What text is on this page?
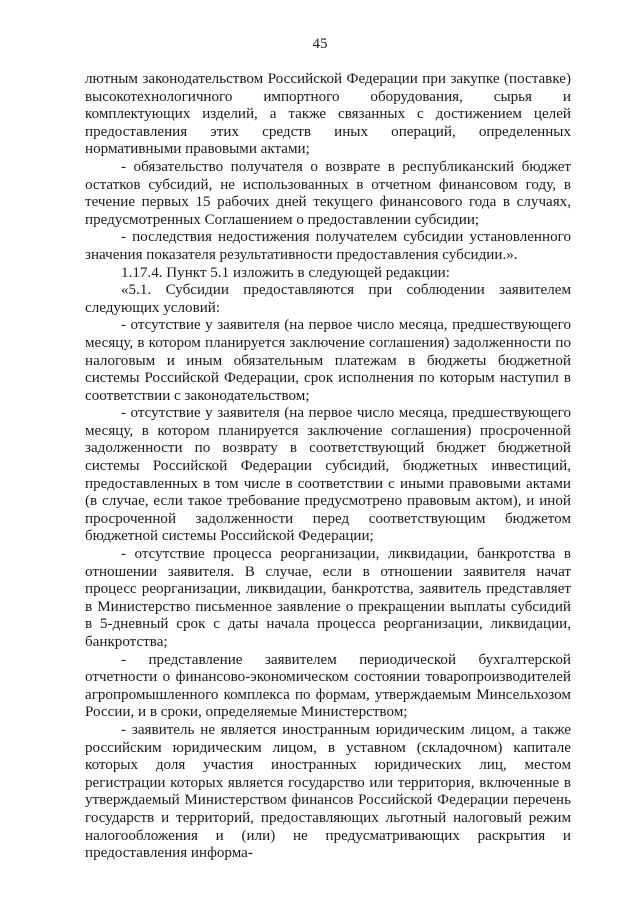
45

лютным законодательством Российской Федерации при закупке (поставке) высокотехнологичного импортного оборудования, сырья и комплектующих изделий, а также связанных с достижением целей предоставления этих средств иных операций, определенных нормативными правовыми актами;

- обязательство получателя о возврате в республиканский бюджет остатков субсидий, не использованных в отчетном финансовом году, в течение первых 15 рабочих дней текущего финансового года в случаях, предусмотренных Соглашением о предоставлении субсидии;

- последствия недостижения получателем субсидии установленного значения показателя результативности предоставления субсидии.».

1.17.4. Пункт 5.1 изложить в следующей редакции:

«5.1. Субсидии предоставляются при соблюдении заявителем следующих условий:

- отсутствие у заявителя (на первое число месяца, предшествующего месяцу, в котором планируется заключение соглашения) задолженности по налоговым и иным обязательным платежам в бюджеты бюджетной системы Российской Федерации, срок исполнения по которым наступил в соответствии с законодательством;

- отсутствие у заявителя (на первое число месяца, предшествующего месяцу, в котором планируется заключение соглашения) просроченной задолженности по возврату в соответствующий бюджет бюджетной системы Российской Федерации субсидий, бюджетных инвестиций, предоставленных в том числе в соответствии с иными правовыми актами (в случае, если такое требование предусмотрено правовым актом), и иной просроченной задолженности перед соответствующим бюджетом бюджетной системы Российской Федерации;

- отсутствие процесса реорганизации, ликвидации, банкротства в отношении заявителя. В случае, если в отношении заявителя начат процесс реорганизации, ликвидации, банкротства, заявитель представляет в Министерство письменное заявление о прекращении выплаты субсидий в 5-дневный срок с даты начала процесса реорганизации, ликвидации, банкротства;

- представление заявителем периодической бухгалтерской отчетности о финансово-экономическом состоянии товаропроизводителей агропромышленного комплекса по формам, утверждаемым Минсельхозом России, и в сроки, определяемые Министерством;

- заявитель не является иностранным юридическим лицом, а также российским юридическим лицом, в уставном (складочном) капитале которых доля участия иностранных юридических лиц, местом регистрации которых является государство или территория, включенные в утверждаемый Министерством финансов Российской Федерации перечень государств и территорий, предоставляющих льготный налоговый режим налогообложения и (или) не предусматривающих раскрытия и предоставления информа-
